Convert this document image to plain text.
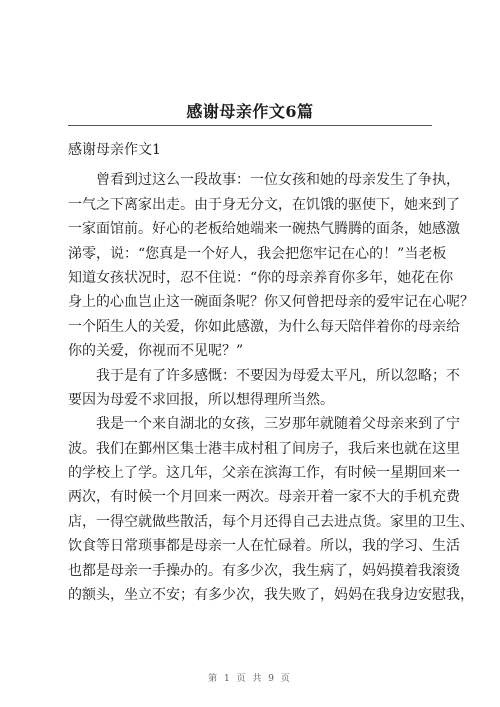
感谢母亲作文6篇
感谢母亲作文1
曾看到过这么一段故事：一位女孩和她的母亲发生了争执，
一气之下离家出走。由于身无分文，在饥饿的驱使下，她来到了
一家面馆前。好心的老板给她端来一碗热气腾腾的面条，她感激
涕零，说：“您真是一个好人，我会把您牢记在心的！”当老板
知道女孩状况时，忍不住说：“你的母亲养育你多年，她花在你
身上的心血岂止这一碗面条呢？你又何曾把母亲的爱牢记在心呢？
一个陌生人的关爱，你如此感激，为什么每天陪伴着你的母亲给
你的关爱，你视而不见呢？”
我于是有了许多感慨：不要因为母爱太平凡，所以忽略；不
要因为母爱不求回报，所以想得理所当然。
我是一个来自湖北的女孩，三岁那年就随着父母亲来到了宁
波。我们在鄞州区集士港丰成村租了间房子，我后来也就在这里
的学校上了学。这几年，父亲在滨海工作，有时候一星期回来一
两次，有时候一个月回来一两次。母亲开着一家不大的手机充费
店，一得空就做些散活，每个月还得自己去进点货。家里的卫生、
饮食等日常琐事都是母亲一人在忙碌着。所以，我的学习、生活
也都是母亲一手操办的。有多少次，我生病了，妈妈摸着我滚烫
的额头，坐立不安；有多少次，我失败了，妈妈在我身边安慰我，
第 1 页 共 9 页
